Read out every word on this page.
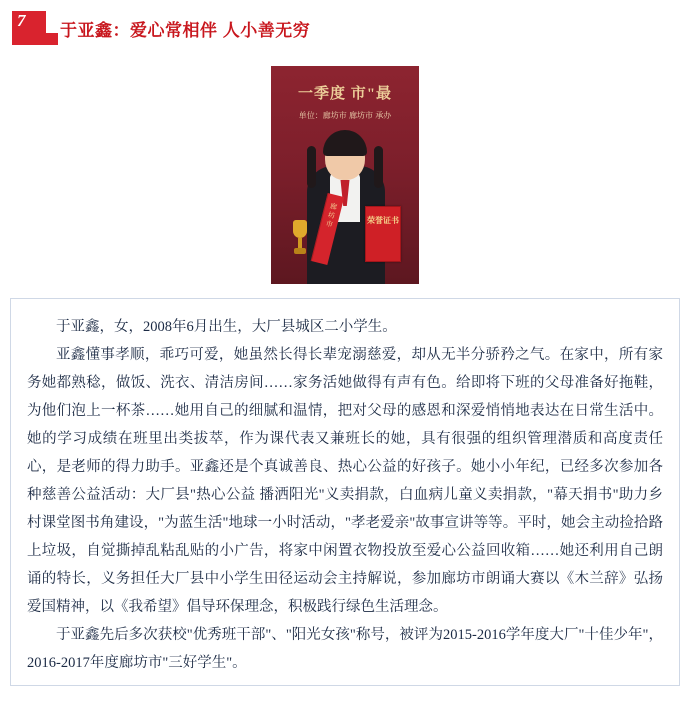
7 于亚鑫：爱心常相伴 人小善无穷
一季度 市"最
单位：廊坊市 廊坊市 承办
廊坊市	荣誉证书

于亚鑫，女，2008年6月出生，大厂县城区二小学生。

亚鑫懂事孝顺，乖巧可爱，她虽然长得长辈宠溺慈爱，却从无半分骄矜之气。在家中，所有家务她都熟稔，做饭、洗衣、清洁房间……家务活她做得有声有色。给即将下班的父母准备好拖鞋，为他们泡上一杯茶……她用自己的细腻和温情，把对父母的感恩和深爱悄悄地表达在日常生活中。她的学习成绩在班里出类拔萃，作为课代表又兼班长的她，具有很强的组织管理潜质和高度责任心，是老师的得力助手。亚鑫还是个真诚善良、热心公益的好孩子。她小小年纪，已经多次参加各种慈善公益活动：大厂县"热心公益 播洒阳光"义卖捐款，白血病儿童义卖捐款，"幕天捐书"助力乡村课堂图书角建设，"为蓝生活"地球一小时活动，"孝老爱亲"故事宣讲等等。平时，她会主动捡拾路上垃圾，自觉撕掉乱粘乱贴的小广告，将家中闲置衣物投放至爱心公益回收箱……她还利用自己朗诵的特长，义务担任大厂县中小学生田径运动会主持解说，参加廊坊市朗诵大赛以《木兰辞》弘扬爱国精神，以《我希望》倡导环保理念，积极践行绿色生活理念。

于亚鑫先后多次获校"优秀班干部"、"阳光女孩"称号，被评为2015-2016学年度大厂"十佳少年"，2016-2017年度廊坊市"三好学生"。
